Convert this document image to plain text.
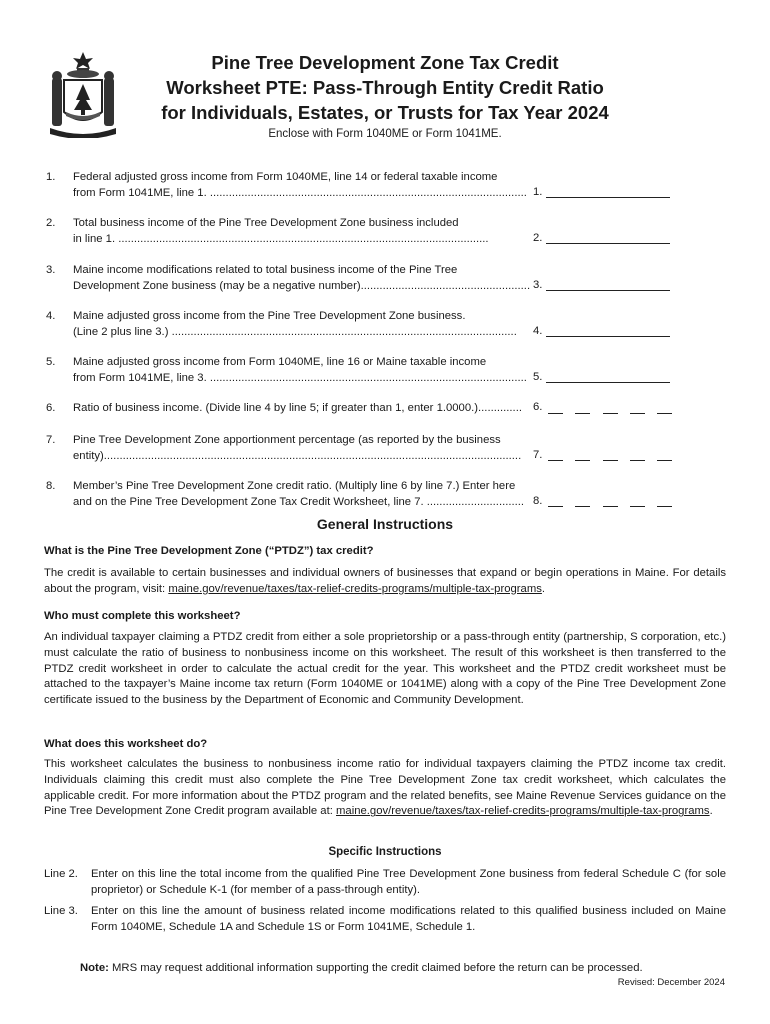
Pine Tree Development Zone Tax Credit
Worksheet PTE: Pass-Through Entity Credit Ratio
for Individuals, Estates, or Trusts for Tax Year 2024
Enclose with Form 1040ME or Form 1041ME.
1. Federal adjusted gross income from Form 1040ME, line 14 or federal taxable income
from Form 1041ME, line 1. ..................................................................................................... 1.
2. Total business income of the Pine Tree Development Zone business included
in line 1. ......................................................................................................................	2.
3. Maine income modifications related to total business income of the Pine Tree
Development Zone business (may be a negative number)...................................................... 3.
4. Maine adjusted gross income from the Pine Tree Development Zone business.
(Line 2 plus line 3.) ..............................................................................................................	4.
5. Maine adjusted gross income from Form 1040ME, line 16 or Maine taxable income
from Form 1041ME, line 3. ..................................................................................................... 5.
6. Ratio of business income. (Divide line 4 by line 5; if greater than 1, enter 1.0000.).............. 6.
7. Pine Tree Development Zone apportionment percentage (as reported by the business
entity).....................................................................................................................................	7.
8. Member’s Pine Tree Development Zone credit ratio. (Multiply line 6 by line 7.) Enter here
and on the Pine Tree Development Zone Tax Credit Worksheet, line 7. ............................... 8.
General Instructions
What is the Pine Tree Development Zone (“PTDZ”) tax credit?
The credit is available to certain businesses and individual owners of businesses that expand or begin operations in Maine. For details about the program, visit: maine.gov/revenue/taxes/tax-relief-credits-programs/multiple-tax-programs.
Who must complete this worksheet?
An individual taxpayer claiming a PTDZ credit from either a sole proprietorship or a pass-through entity (partnership, S corporation, etc.) must calculate the ratio of business to nonbusiness income on this worksheet. The result of this worksheet is then transferred to the PTDZ credit worksheet in order to calculate the actual credit for the year. This worksheet and the PTDZ credit worksheet must be attached to the taxpayer’s Maine income tax return (Form 1040ME or 1041ME) along with a copy of the Pine Tree Development Zone certificate issued to the business by the Department of Economic and Community Development.
What does this worksheet do?
This worksheet calculates the business to nonbusiness income ratio for individual taxpayers claiming the PTDZ income tax credit. Individuals claiming this credit must also complete the Pine Tree Development Zone tax credit worksheet, which calculates the applicable credit. For more information about the PTDZ program and the related benefits, see Maine Revenue Services guidance on the Pine Tree Development Zone Credit program available at: maine.gov/revenue/taxes/tax-relief-credits-programs/multiple-tax-programs.
Specific Instructions
Line 2. Enter on this line the total income from the qualified Pine Tree Development Zone business from federal Schedule C (for sole proprietor) or Schedule K-1 (for member of a pass-through entity).
Line 3. Enter on this line the amount of business related income modifications related to this qualified business included on Maine Form 1040ME, Schedule 1A and Schedule 1S or Form 1041ME, Schedule 1.
Note: MRS may request additional information supporting the credit claimed before the return can be processed.
Revised: December 2024
